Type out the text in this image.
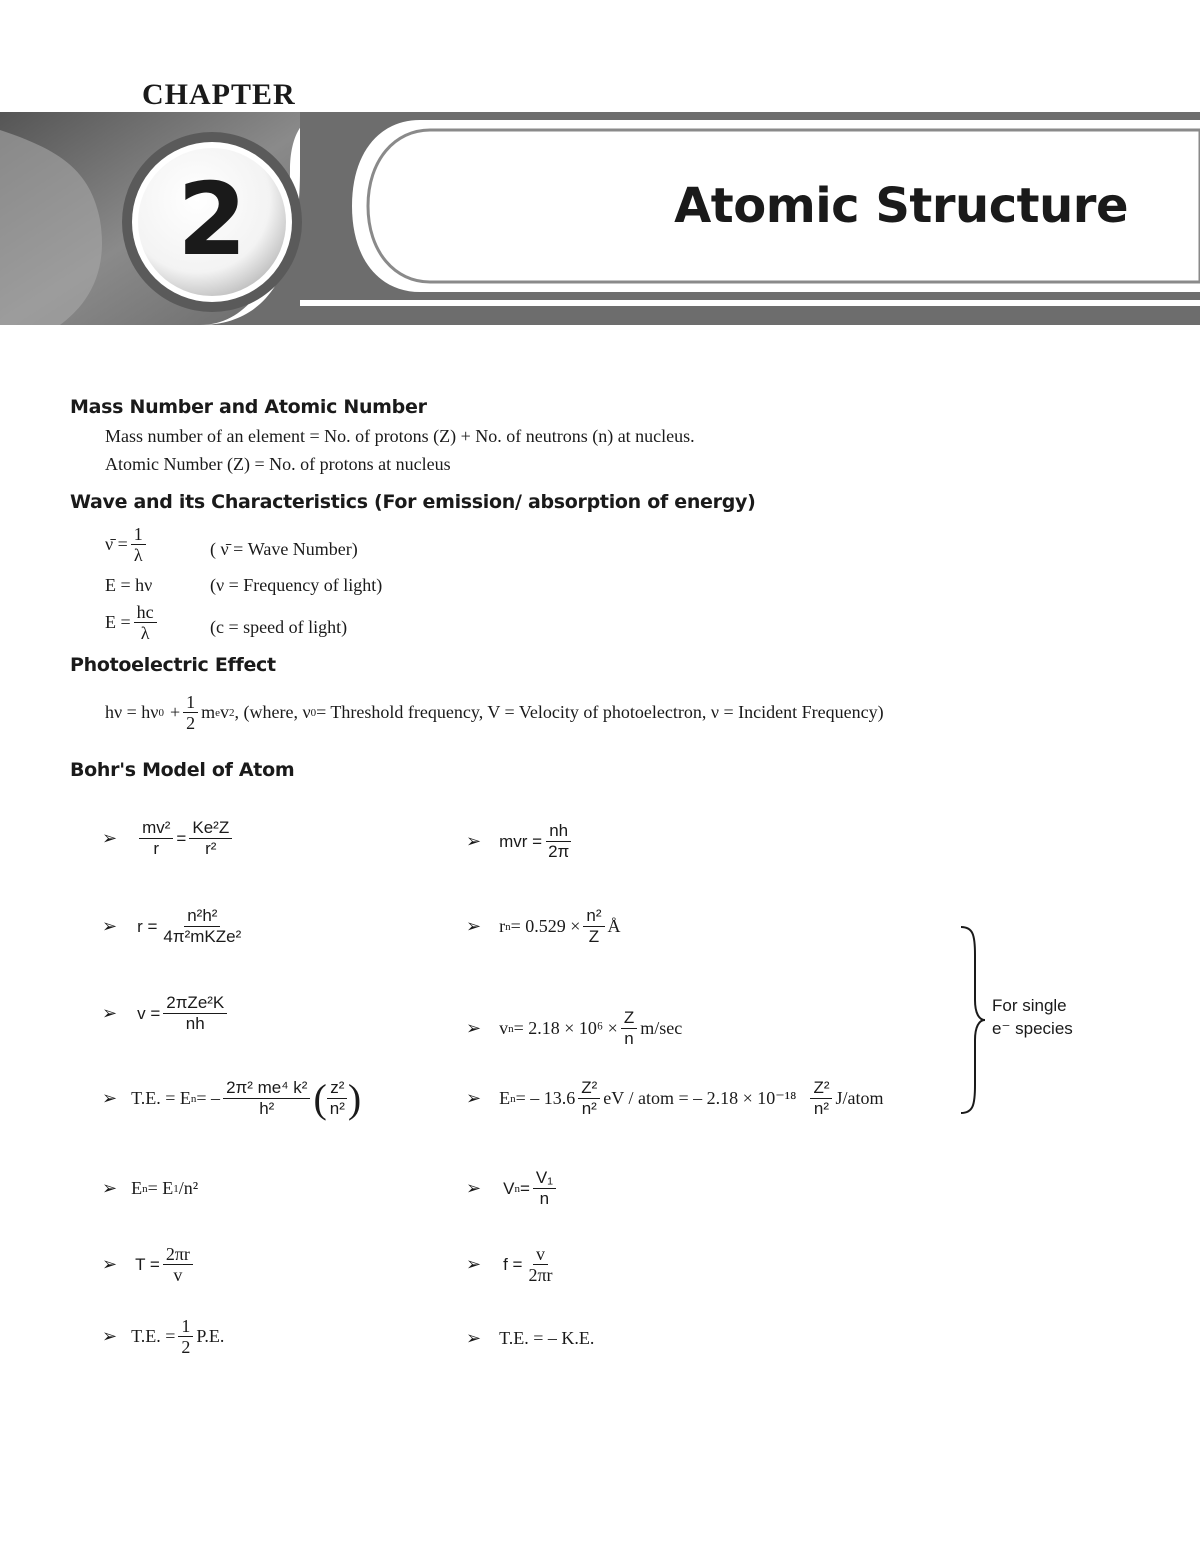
CHAPTER
2	Atomic Structure
Mass Number and Atomic Number
Mass number of an element = No. of protons (Z) + No. of neutrons (n) at nucleus.
Atomic Number (Z) = No. of protons at nucleus
Wave and its Characteristics (For emission/ absorption of energy)
ν̄ = $\frac{1}{\lambda}$	( ν̄ = Wave Number)
E = hν	(ν = Frequency of light)
$E = \frac{hc}{\lambda}$	(c = speed of light)
Photoelectric Effect
hν = hν $0 + \frac{1}{2}$ m e v 2 , (where, ν 0 = Threshold frequency, V = Velocity of photoelectron, ν = Incident Frequency)
Bohr's Model of Atom
➢ $\frac{\text{mv²}}{r} = \frac{\text{Ke²Z}}{\text{r²}}$
➢ $r = \frac{\text{n²h²}}{\text{4π²mKZe²}}$
➢ $v = \frac{\text{2πZe²K}}{nh}$
➢ T.E. = E n = – $\frac{\text{2π² me⁴ k²}}{\text{h²}}$ ( $\frac{\text{z²}}{\text{n²}}$ )
➢ E n = E 1 /n²
➢ $T = \frac{2\pi r}{v}$
➢ T.E. = $\frac{1}{2} P.E$.
➢ mvr = $\frac{nh}{2\pi}$
➢ r $n = 0.529 \times \frac{\text{n²}}{Z}$ Å
➢ v $n = 2.18 \times 10^6 \times \frac{Z}{n} m/\sec$
➢ E n = – $13.6 \frac{\text{Z²}}{\text{n²}}$ eV / atom = – $2.18 \times 10^{-18} \frac{\text{Z²}}{\text{n²}}$ J/atom
➢ V $n = \frac{\text{V₁}}{n}$
➢ $f = \frac{v}{2\pi r}$
➢ T.E. = – K.E.
For single
e⁻ species
